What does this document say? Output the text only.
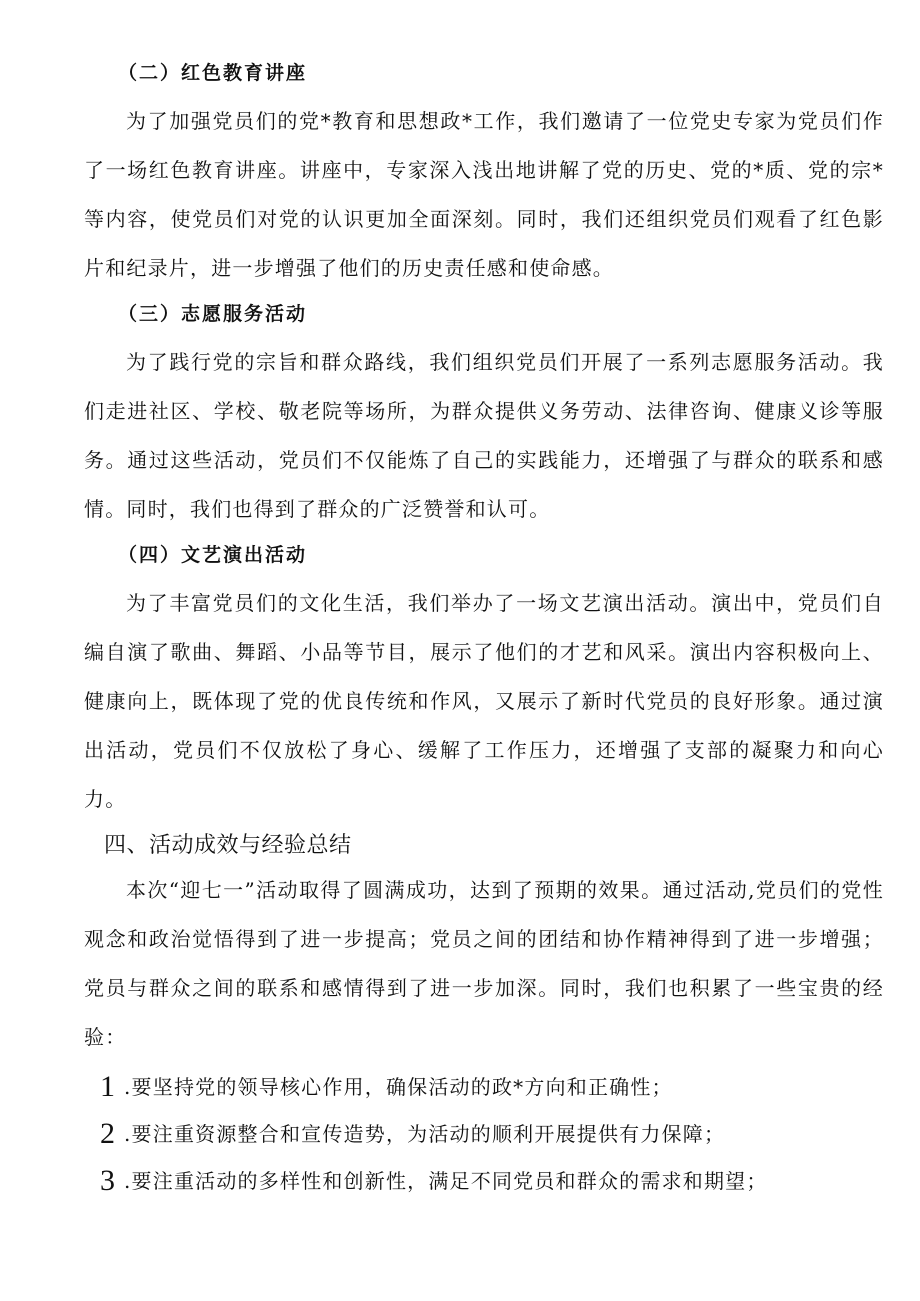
（二）红色教育讲座

为了加强党员们的党*教育和思想政*工作，我们邀请了一位党史专家为党员们作了一场红色教育讲座。讲座中，专家深入浅出地讲解了党的历史、党的*质、党的宗*等内容，使党员们对党的认识更加全面深刻。同时，我们还组织党员们观看了红色影片和纪录片，进一步增强了他们的历史责任感和使命感。

（三）志愿服务活动

为了践行党的宗旨和群众路线，我们组织党员们开展了一系列志愿服务活动。我们走进社区、学校、敬老院等场所，为群众提供义务劳动、法律咨询、健康义诊等服务。通过这些活动，党员们不仅能炼了自己的实践能力，还增强了与群众的联系和感情。同时，我们也得到了群众的广泛赞誉和认可。

（四）文艺演出活动

为了丰富党员们的文化生活，我们举办了一场文艺演出活动。演出中，党员们自编自演了歌曲、舞蹈、小品等节目，展示了他们的才艺和风采。演出内容积极向上、健康向上，既体现了党的优良传统和作风，又展示了新时代党员的良好形象。通过演出活动，党员们不仅放松了身心、缓解了工作压力，还增强了支部的凝聚力和向心力。

四、活动成效与经验总结

本次“迎七一”活动取得了圆满成功，达到了预期的效果。通过活动,党员们的党性观念和政治觉悟得到了进一步提高；党员之间的团结和协作精神得到了进一步增强；党员与群众之间的联系和感情得到了进一步加深。同时，我们也积累了一些宝贵的经验：

1 .要坚持党的领导核心作用，确保活动的政*方向和正确性；
2 .要注重资源整合和宣传造势，为活动的顺利开展提供有力保障；
3 .要注重活动的多样性和创新性，满足不同党员和群众的需求和期望；
